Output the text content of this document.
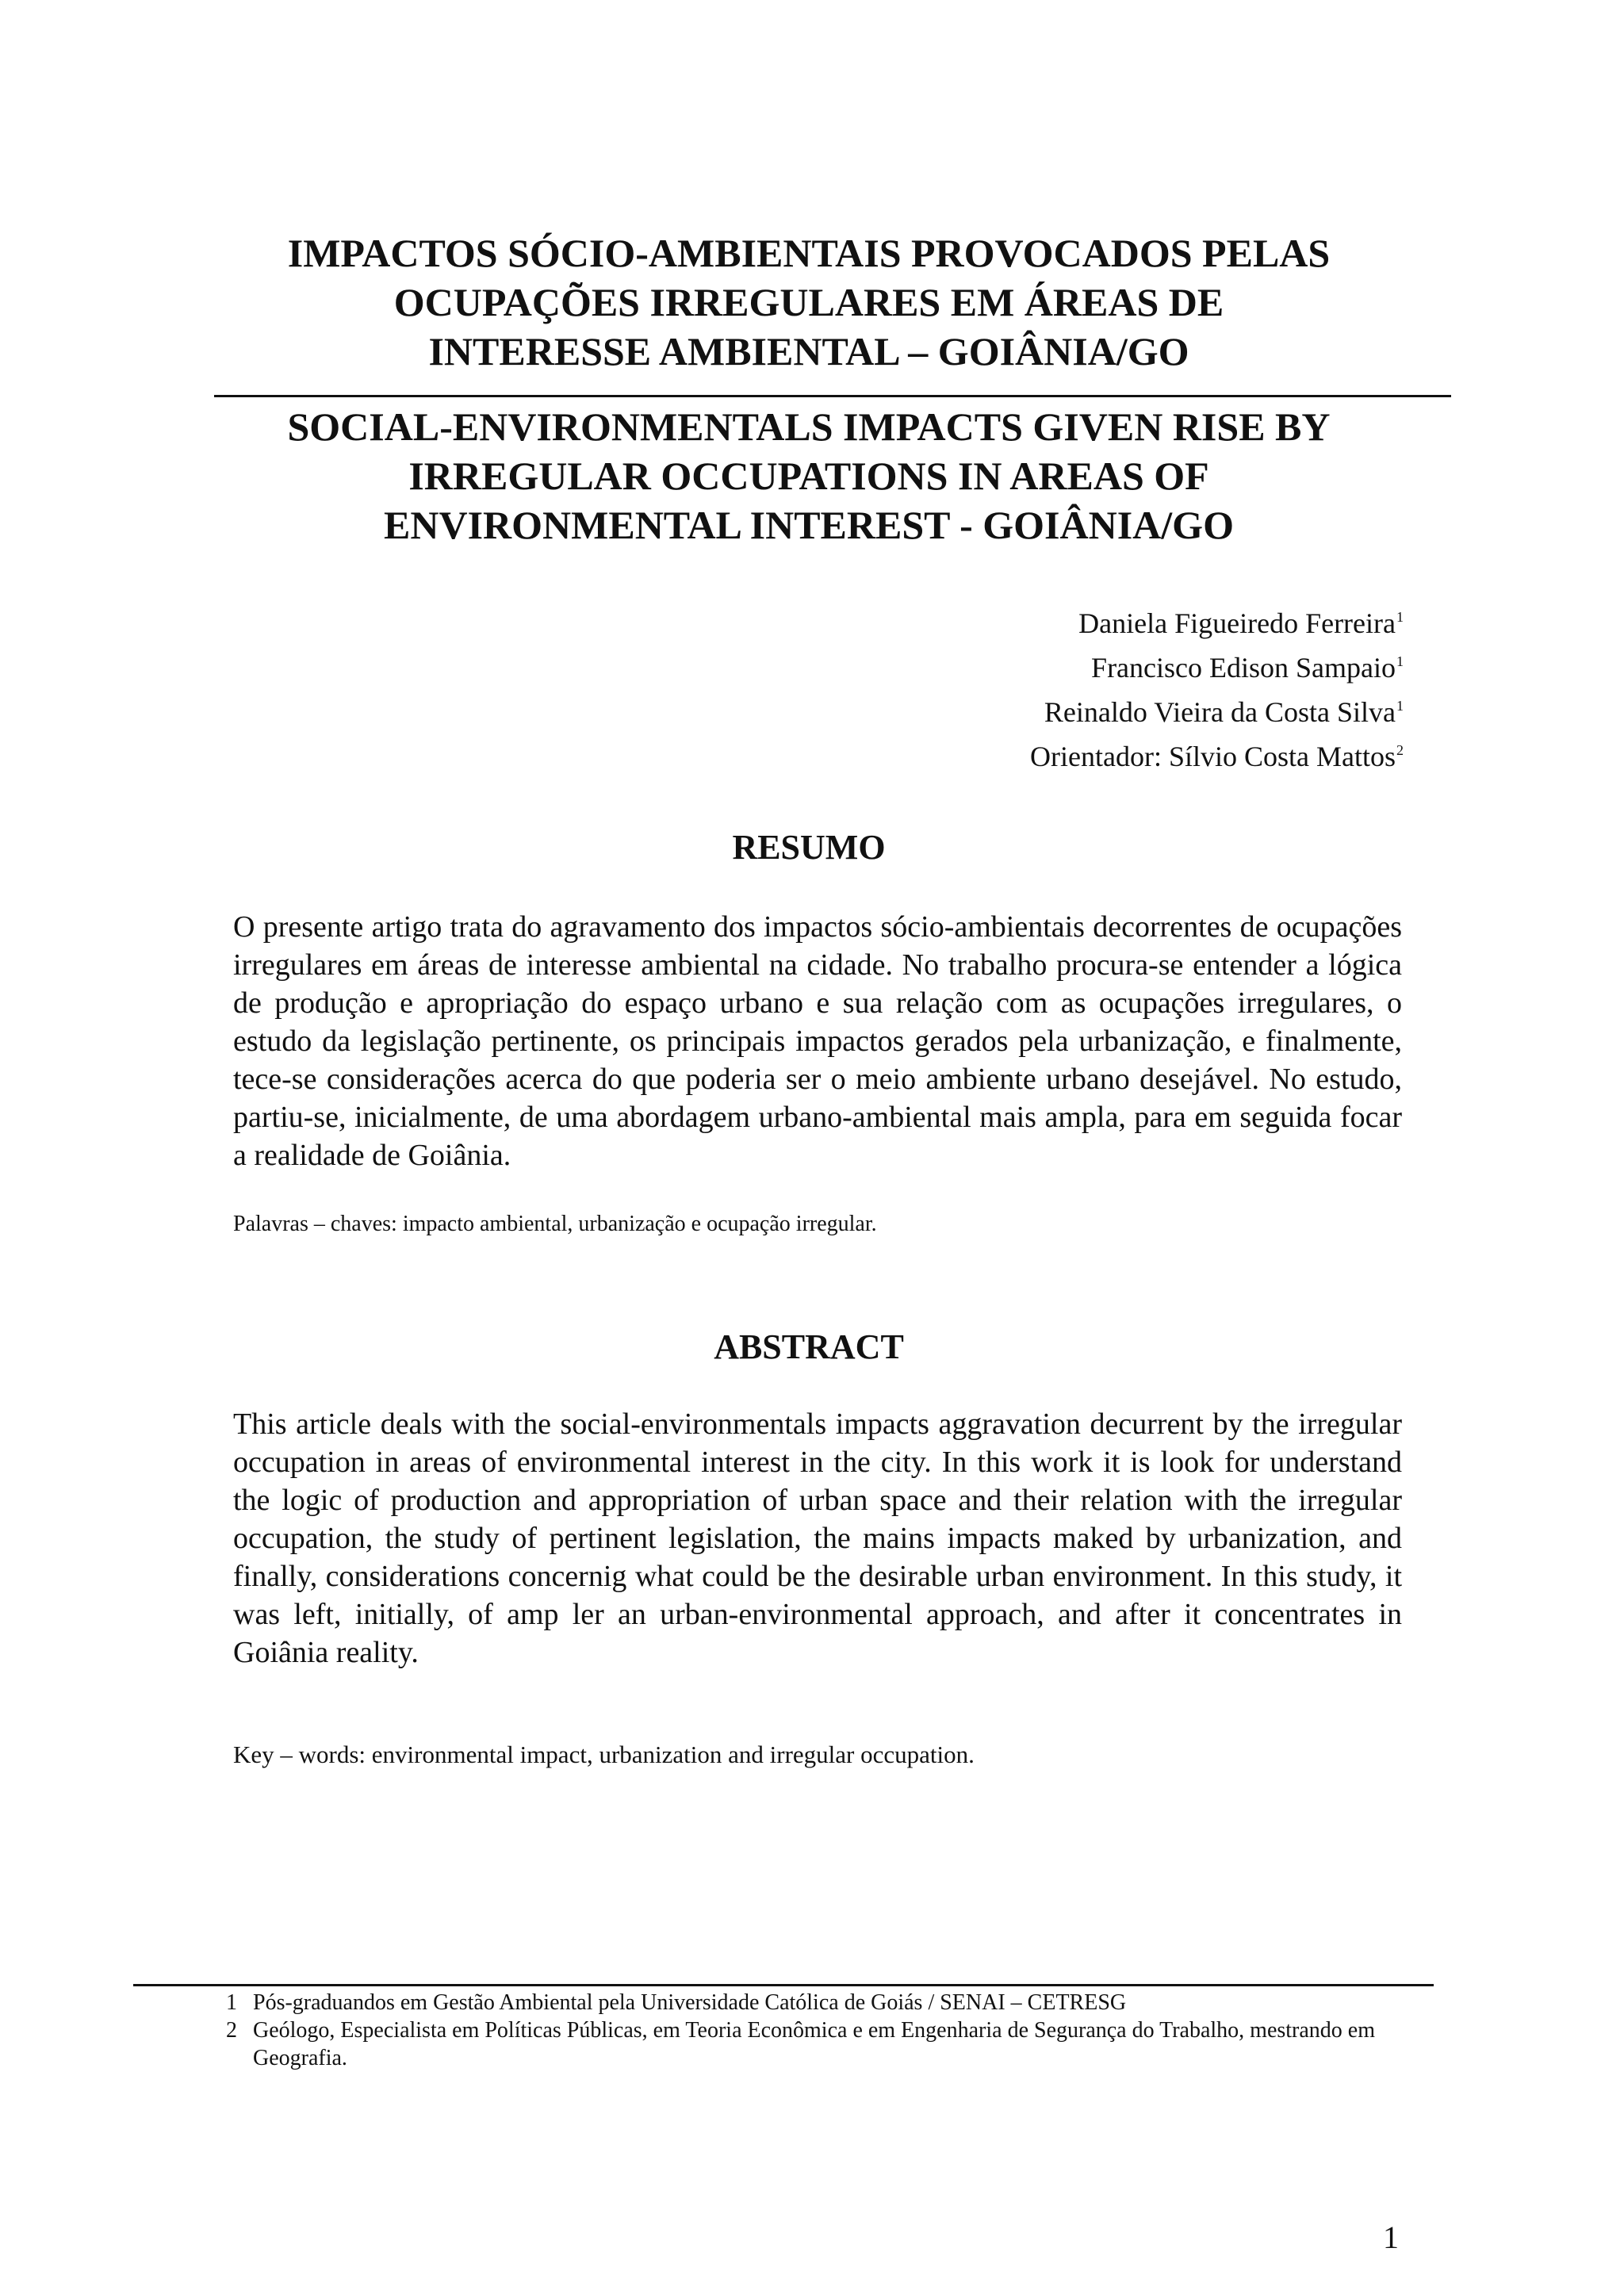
IMPACTOS SÓCIO-AMBIENTAIS PROVOCADOS PELAS
OCUPAÇÕES IRREGULARES EM ÁREAS DE
INTERESSE AMBIENTAL – GOIÂNIA/GO
SOCIAL-ENVIRONMENTALS IMPACTS GIVEN RISE BY
IRREGULAR OCCUPATIONS IN AREAS OF
ENVIRONMENTAL INTEREST - GOIÂNIA/GO
Daniela Figueiredo Ferreira$^1$
Francisco Edison Sampaio$^1$
Reinaldo Vieira da Costa Silva$^1$
Orientador: Sílvio Costa Mattos$^2$
RESUMO

O presente artigo trata do agravamento dos impactos sócio-ambientais decorrentes de ocupações irregulares em áreas de interesse ambiental na cidade. No trabalho procura-se entender a lógica de produção e apropriação do espaço urbano e sua relação com as ocupações irregulares, o estudo da legislação pertinente, os principais impactos gerados pela urbanização, e finalmente, tece-se considerações acerca do que poderia ser o meio ambiente urbano desejável. No estudo, partiu-se, inicialmente, de uma abordagem urbano-ambiental mais ampla, para em seguida focar a realidade de Goiânia.

Palavras – chaves: impacto ambiental, urbanização e ocupação irregular.

ABSTRACT

This article deals with the social-environmentals impacts aggravation decurrent by the irregular occupation in areas of environmental interest in the city. In this work it is look for understand the logic of production and appropriation of urban space and their relation with the irregular occupation, the study of pertinent legislation, the mains impacts maked by urbanization, and finally, considerations concernig what could be the desirable urban environment. In this study, it was left, initially, of amp ler an urban-environmental approach, and after it concentrates in Goiânia reality.

Key – words: environmental impact, urbanization and irregular occupation.

1 Pós-graduandos em Gestão Ambiental pela Universidade Católica de Goiás / SENAI – CETRESG

2 Geólogo, Especialista em Políticas Públicas, em Teoria Econômica e em Engenharia de Segurança do Trabalho, mestrando em Geografia.

1
